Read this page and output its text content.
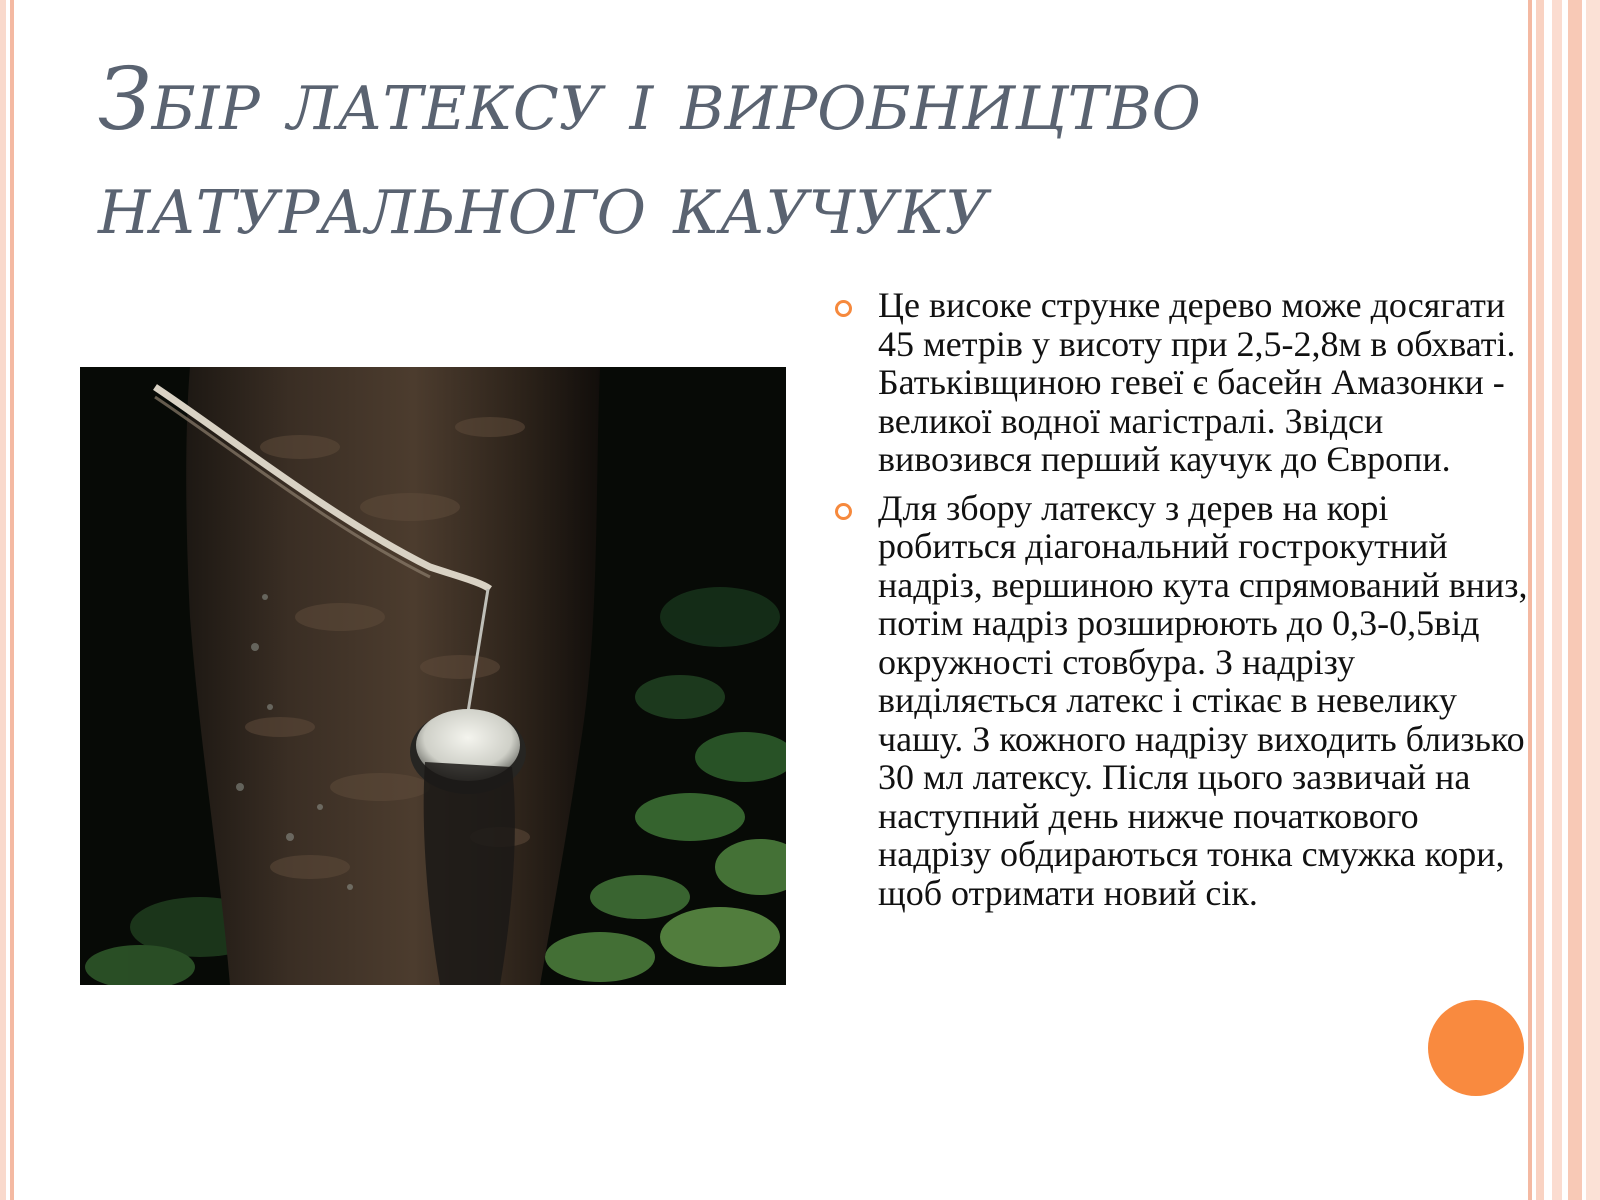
Збір латексу і виробництво натурального каучуку
Це високе струнке дерево може досягати 45 метрів у висоту при 2,5-2,8м в обхваті. Батьківщиною гевеї є басейн Амазонки - великої водної магістралі. Звідси вивозився перший каучук до Європи.
Для збору латексу з дерев на корі робиться діагональний гострокутний надріз, вершиною кута спрямований вниз, потім надріз розширюють до 0,3-0,5від окружності стовбура. З надрізу виділяється латекс і стікає в невелику чашу. З кожного надрізу виходить близько 30 мл латексу. Після цього зазвичай на наступний день нижче початкового надрізу обдираються тонка смужка кори, щоб отримати новий сік.
